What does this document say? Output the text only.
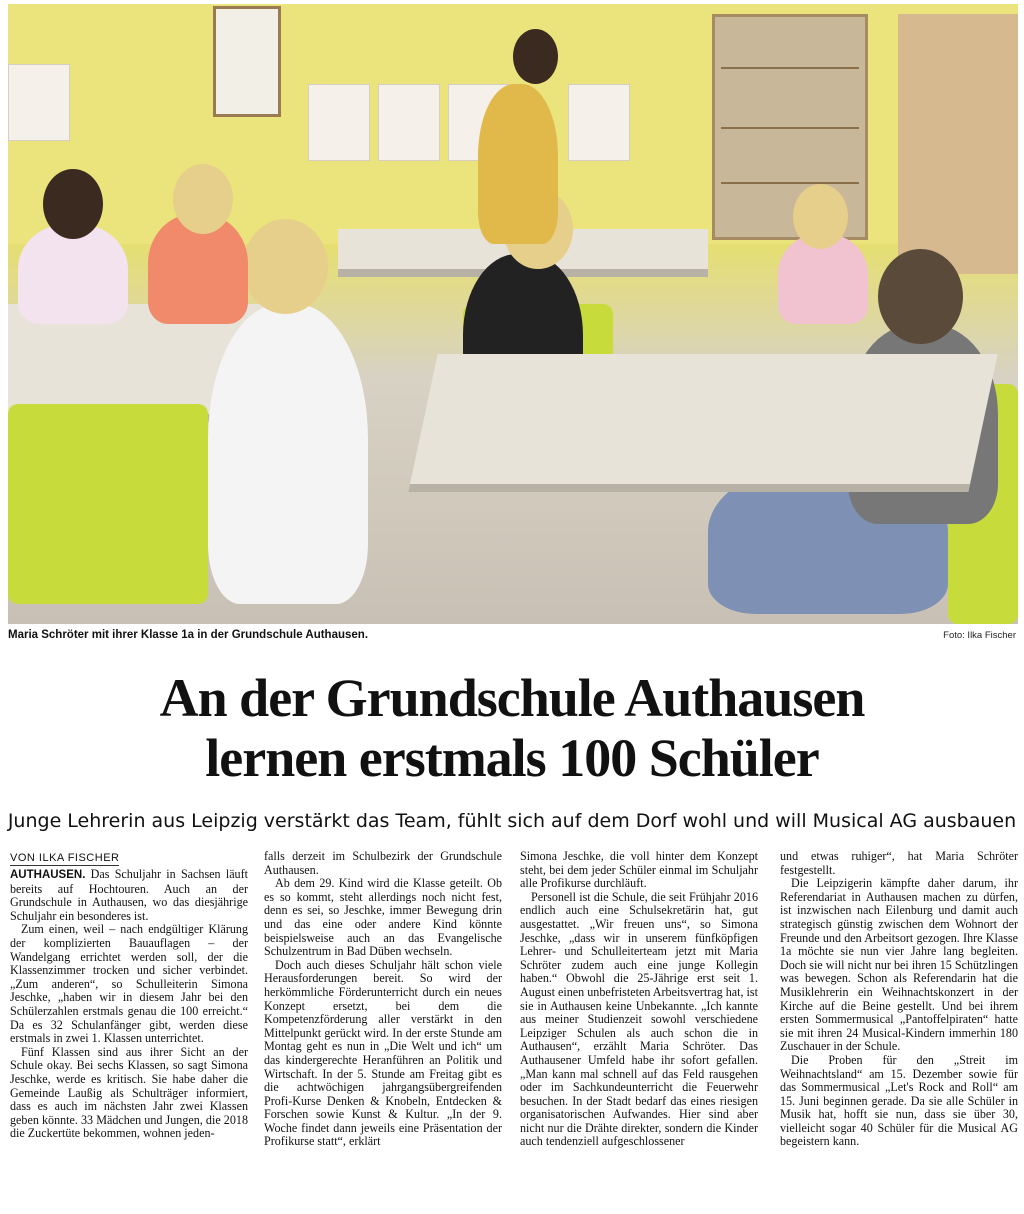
Maria Schröter mit ihrer Klasse 1a in der Grundschule Authausen.	Foto: Ilka Fischer
An der Grundschule Authausen
lernen erstmals 100 Schüler
Junge Lehrerin aus Leipzig verstärkt das Team, fühlt sich auf dem Dorf wohl und will Musical AG ausbauen
VON ILKA FISCHER

AUTHAUSEN. Das Schuljahr in Sachsen läuft bereits auf Hochtouren. Auch an der Grundschule in Authausen, wo das diesjährige Schuljahr ein besonderes ist.

Zum einen, weil – nach endgültiger Klärung der komplizierten Bauauflagen – der Wandelgang errichtet werden soll, der die Klassenzimmer trocken und sicher verbindet. „Zum anderen“, so Schulleiterin Simona Jeschke, „haben wir in diesem Jahr bei den Schülerzahlen erstmals genau die 100 erreicht.“ Da es 32 Schulanfänger gibt, werden diese erstmals in zwei 1. Klassen unterrichtet.

Fünf Klassen sind aus ihrer Sicht an der Schule okay. Bei sechs Klassen, so sagt Simona Jeschke, werde es kritisch. Sie habe daher die Gemeinde Laußig als Schulträger informiert, dass es auch im nächsten Jahr zwei Klassen geben könnte. 33 Mädchen und Jungen, die 2018 die Zuckertüte bekommen, wohnen jeden-

falls derzeit im Schulbezirk der Grundschule Authausen.

Ab dem 29. Kind wird die Klasse geteilt. Ob es so kommt, steht allerdings noch nicht fest, denn es sei, so Jeschke, immer Bewegung drin und das eine oder andere Kind könnte beispielsweise auch an das Evangelische Schulzentrum in Bad Düben wechseln.

Doch auch dieses Schuljahr hält schon viele Herausforderungen bereit. So wird der herkömmliche Förderunterricht durch ein neues Konzept ersetzt, bei dem die Kompetenzförderung aller verstärkt in den Mittelpunkt gerückt wird. In der erste Stunde am Montag geht es nun in „Die Welt und ich“ um das kindergerechte Heranführen an Politik und Wirtschaft. In der 5. Stunde am Freitag gibt es die achtwöchigen jahrgangsübergreifenden Profi-Kurse Denken & Knobeln, Entdecken & Forschen sowie Kunst & Kultur. „In der 9. Woche findet dann jeweils eine Präsentation der Profikurse statt“, erklärt

Simona Jeschke, die voll hinter dem Konzept steht, bei dem jeder Schüler einmal im Schuljahr alle Profikurse durchläuft.

Personell ist die Schule, die seit Frühjahr 2016 endlich auch eine Schulsekretärin hat, gut ausgestattet. „Wir freuen uns“, so Simona Jeschke, „dass wir in unserem fünfköpfigen Lehrer- und Schulleiterteam jetzt mit Maria Schröter zudem auch eine junge Kollegin haben.“ Obwohl die 25-Jährige erst seit 1. August einen unbefristeten Arbeitsvertrag hat, ist sie in Authausen keine Unbekannte. „Ich kannte aus meiner Studienzeit sowohl verschiedene Leipziger Schulen als auch schon die in Authausen“, erzählt Maria Schröter. Das Authausener Umfeld habe ihr sofort gefallen. „Man kann mal schnell auf das Feld rausgehen oder im Sachkundeunterricht die Feuerwehr besuchen. In der Stadt bedarf das eines riesigen organisatorischen Aufwandes. Hier sind aber nicht nur die Drähte direkter, sondern die Kinder auch tendenziell aufgeschlossener

und etwas ruhiger“, hat Maria Schröter festgestellt.

Die Leipzigerin kämpfte daher darum, ihr Referendariat in Authausen machen zu dürfen, ist inzwischen nach Eilenburg und damit auch strategisch günstig zwischen dem Wohnort der Freunde und den Arbeitsort gezogen. Ihre Klasse 1a möchte sie nun vier Jahre lang begleiten. Doch sie will nicht nur bei ihren 15 Schützlingen was bewegen. Schon als Referendarin hat die Musiklehrerin ein Weihnachtskonzert in der Kirche auf die Beine gestellt. Und bei ihrem ersten Sommermusical „Pantoffelpiraten“ hatte sie mit ihren 24 Musical-Kindern immerhin 180 Zuschauer in der Schule.

Die Proben für den „Streit im Weihnachtsland“ am 15. Dezember sowie für das Sommermusical „Let's Rock and Roll“ am 15. Juni beginnen gerade. Da sie alle Schüler in Musik hat, hofft sie nun, dass sie über 30, vielleicht sogar 40 Schüler für die Musical AG begeistern kann.
